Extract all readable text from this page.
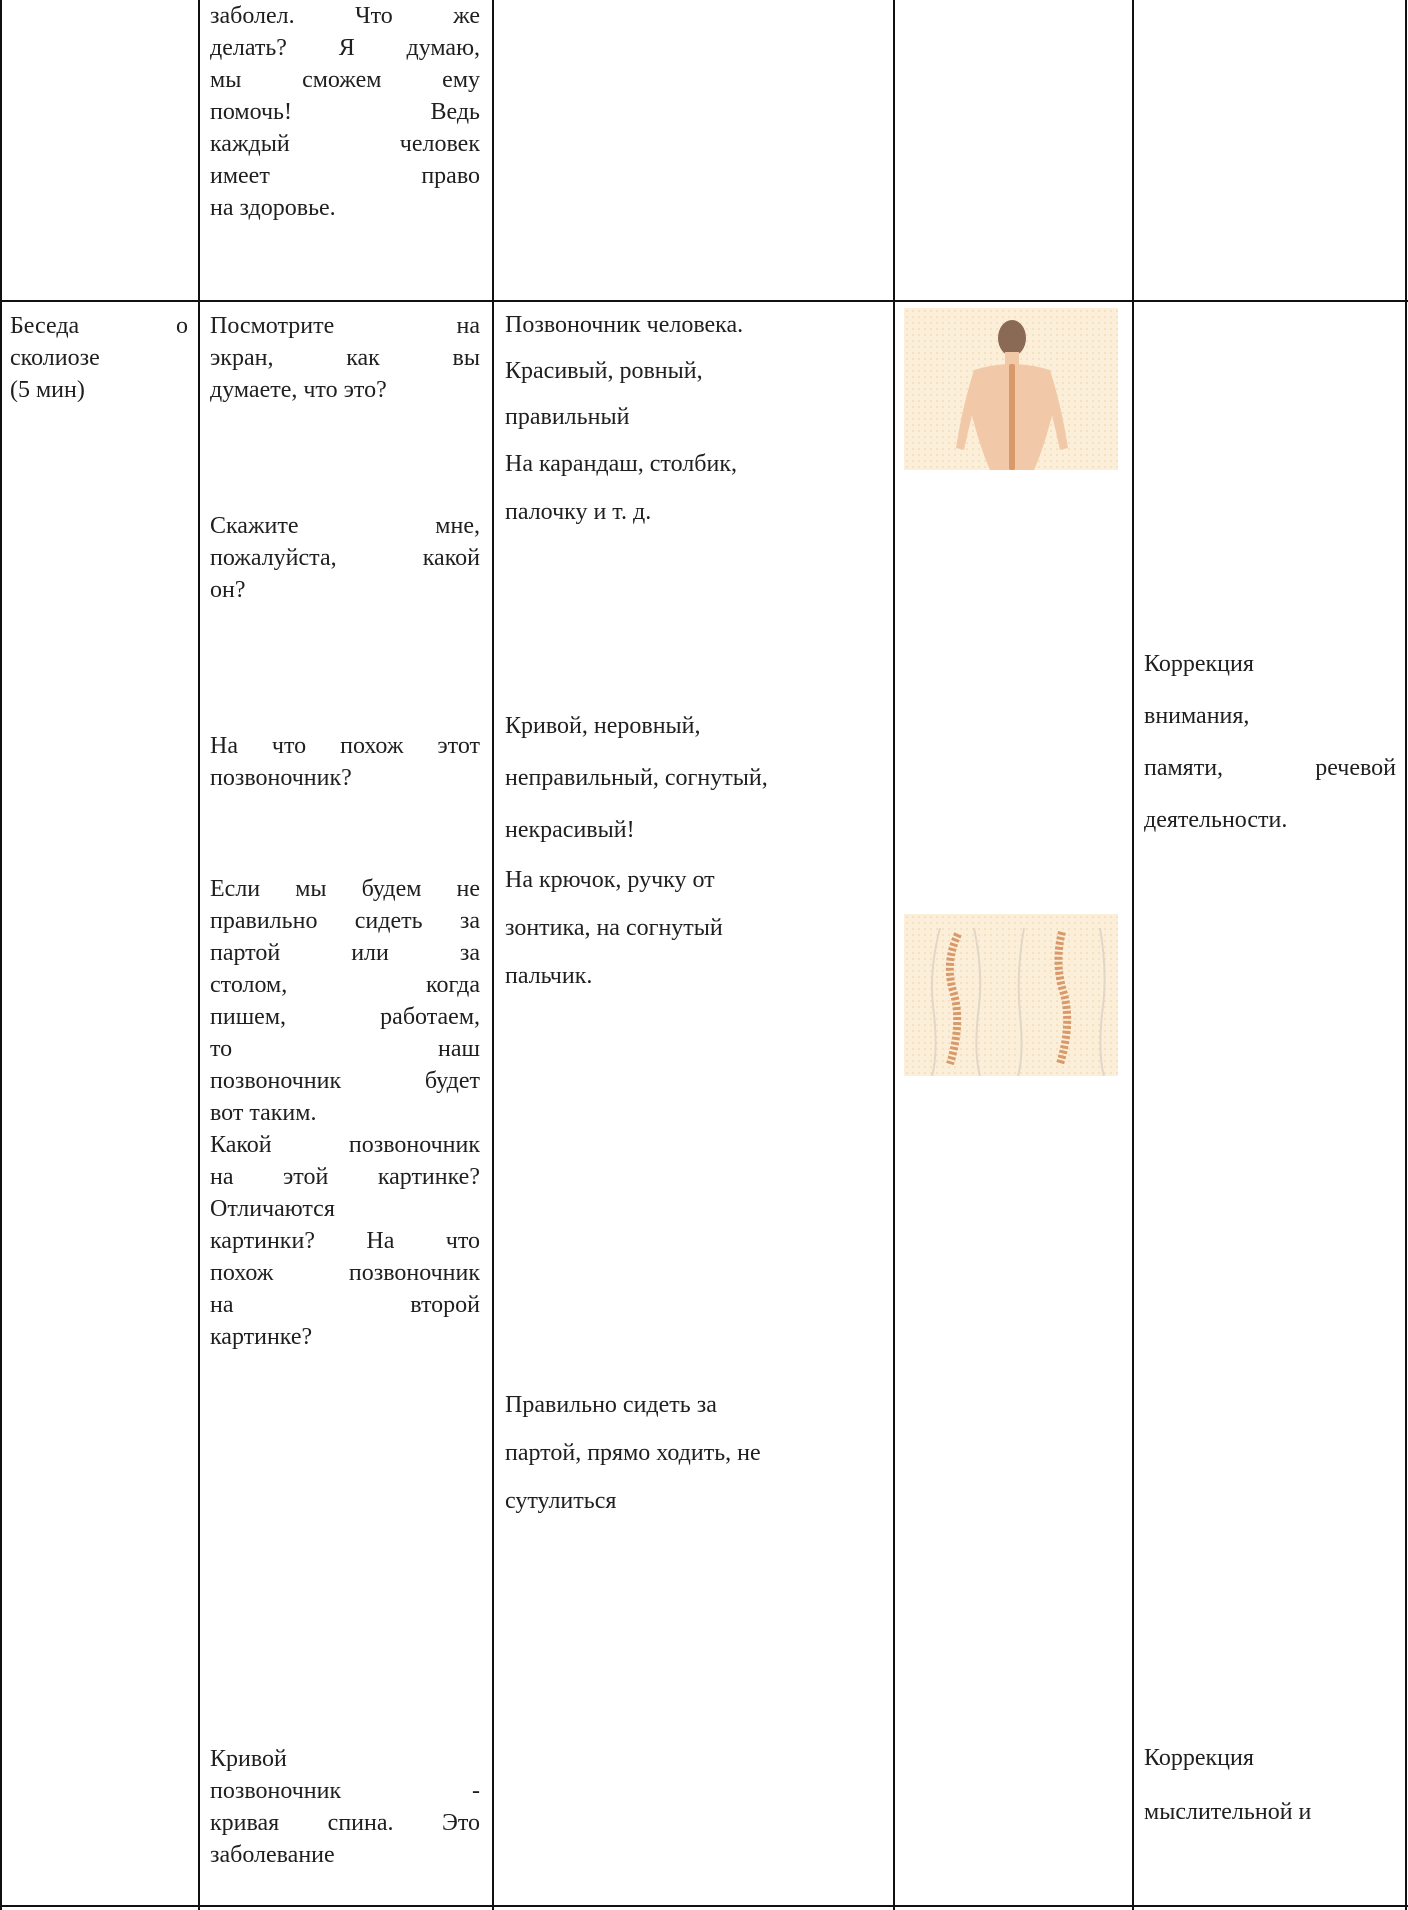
заболел. Что же
делать? Я думаю,
мы сможем ему
помочь! Ведь
каждый человек
имеет право
на здоровье.
Беседа о
сколиозе
(5 мин)
Посмотрите на
экран, как вы
думаете, что это?
Скажите мне,
пожалуйста, какой
он?
На что похож этот
позвоночник?
Если мы будем не
правильно сидеть за
партой или за
столом, когда
пишем, работаем,
то наш
позвоночник будет
вот таким.
Какой позвоночник
на этой картинке?
Отличаются
картинки? На что
похож позвоночник
на второй
картинке?
Кривой
позвоночник -
кривая спина. Это
заболевание
Позвоночник человека.
Красивый, ровный,
правильный
На карандаш, столбик,
палочку и т. д.
Кривой, неровный,
неправильный, согнутый,
некрасивый!
На крючок, ручку от
зонтика, на согнутый
пальчик.
Правильно сидеть за
партой, прямо ходить, не
сутулиться
Коррекция
внимания,
памяти, речевой
деятельности.
Коррекция
мыслительной и
